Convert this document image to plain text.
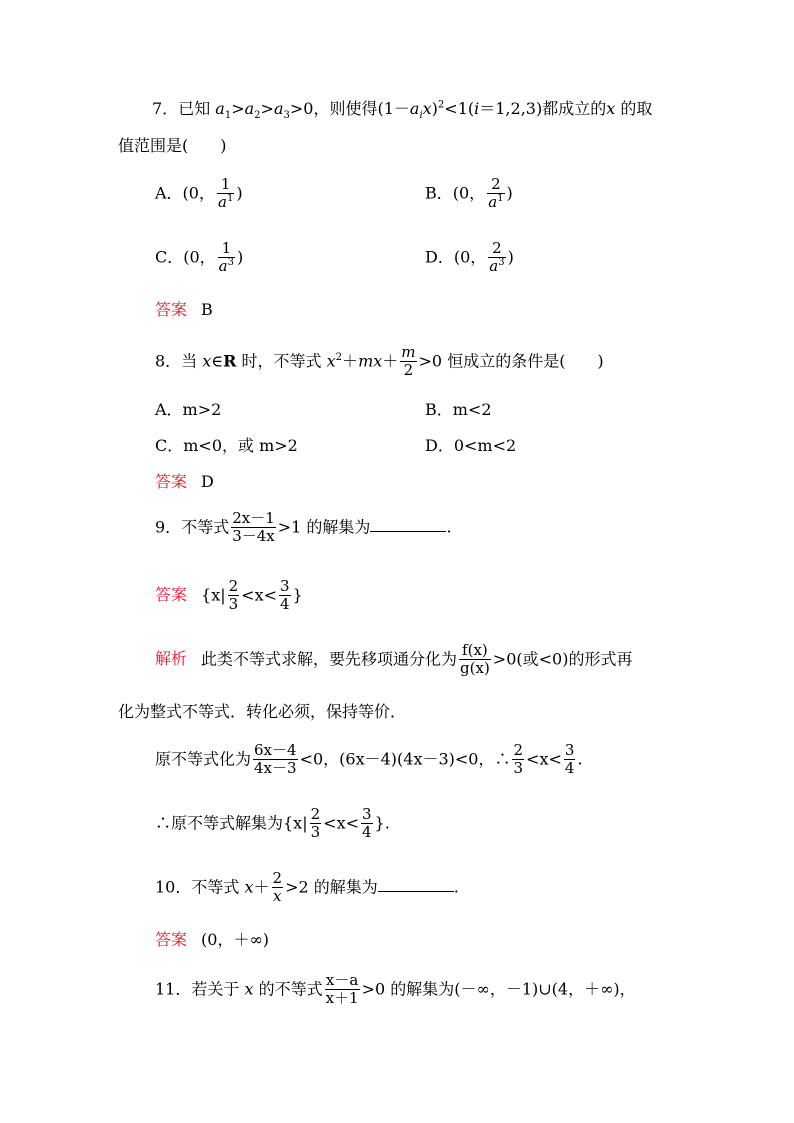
7．已知 $a_1>a_2>a_3>0$，则使得$(1-a_ix)^2<1(i=1,2,3)$都成立的x 的取
值范围是(　　)
A．(0， $\frac{1}{a^1}$ )	B．(0， $\frac{2}{a^1}$ )
C．(0， $\frac{1}{a^3}$ )	D．(0， $\frac{2}{a^3}$ )
答案 B
8．当 x∈R 时，不等式 $x^2+mx+ \frac{m}{2} >0$ 恒成立的条件是(　　)
A．m>2	B．m<2
C．m<0，或 m>2	D．0<m<2
答案 D
9．不等式 $\frac{2x-1}{3-4x} >1$ 的解集为	.
答案 {$x| \frac{2}{3} <x< \frac{3}{4}$ }
解析 此类不等式求解，要先移项通分化为 $\frac{f(x)}{g(x)} >0$(或<0)的形式再
化为整式不等式．转化必须，保持等价．
原不等式化为 $\frac{6x-4}{4x-3} <0$，(6x－4)(4x－3)<0，∴ $\frac{2}{3} <x< \frac{3}{4}$ .
∴原不等式解集为{$x| \frac{2}{3} <x< \frac{3}{4}$ }.
10．不等式 $x+ \frac{2}{x} >2$ 的解集为	.
答案 (0，＋∞)
11．若关于 x 的不等式 $\frac{x-a}{x+1} >0$ 的解集为(－∞，－1)∪(4，＋∞)，
